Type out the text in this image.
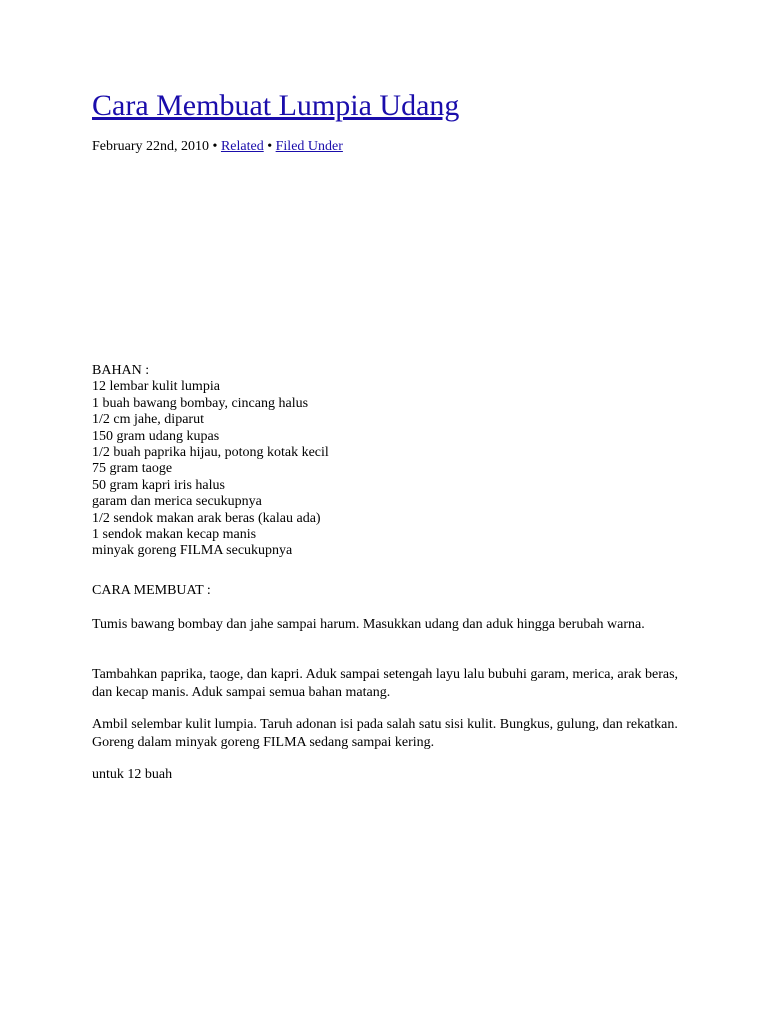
Cara Membuat Lumpia Udang
February 22nd, 2010 • Related • Filed Under
BAHAN :
12 lembar kulit lumpia
1 buah bawang bombay, cincang halus
1/2 cm jahe, diparut
150 gram udang kupas
1/2 buah paprika hijau, potong kotak kecil
75 gram taoge
50 gram kapri iris halus
garam dan merica secukupnya
1/2 sendok makan arak beras (kalau ada)
1 sendok makan kecap manis
minyak goreng FILMA secukupnya

CARA MEMBUAT :

Tumis bawang bombay dan jahe sampai harum. Masukkan udang dan aduk hingga berubah warna.

Tambahkan paprika, taoge, dan kapri. Aduk sampai setengah layu lalu bubuhi garam, merica, arak beras, dan kecap manis. Aduk sampai semua bahan matang.

Ambil selembar kulit lumpia. Taruh adonan isi pada salah satu sisi kulit. Bungkus, gulung, dan rekatkan. Goreng dalam minyak goreng FILMA sedang sampai kering.

untuk 12 buah
